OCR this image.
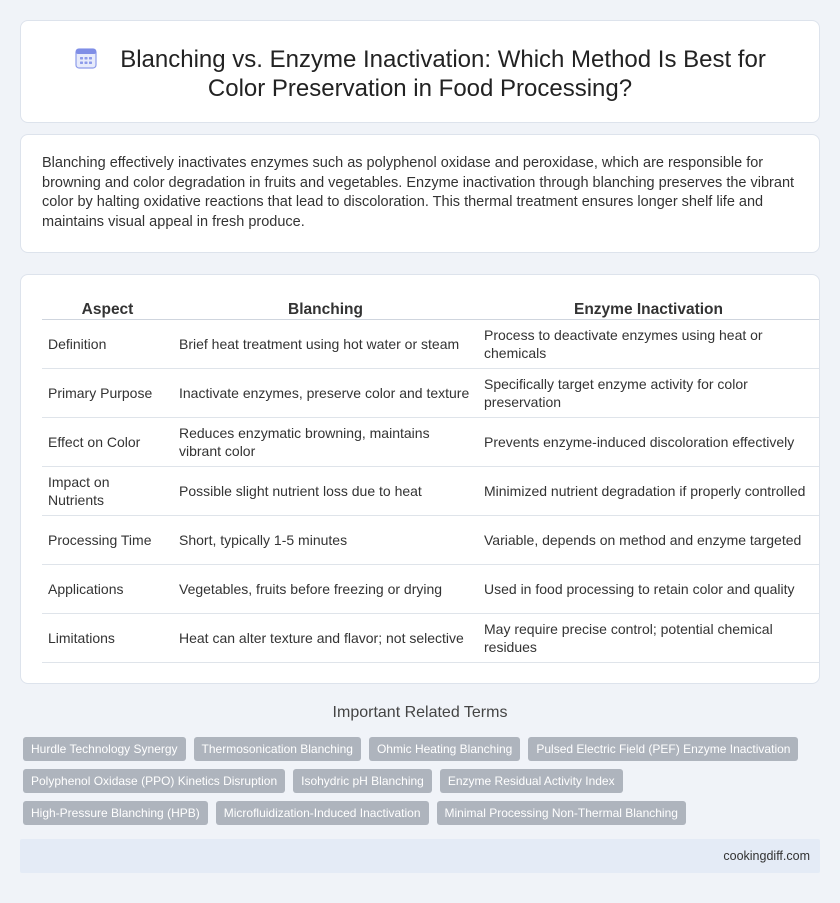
Blanching vs. Enzyme Inactivation: Which Method Is Best for Color Preservation in Food Processing?

Blanching effectively inactivates enzymes such as polyphenol oxidase and peroxidase, which are responsible for browning and color degradation in fruits and vegetables. Enzyme inactivation through blanching preserves the vibrant color by halting oxidative reactions that lead to discoloration. This thermal treatment ensures longer shelf life and maintains visual appeal in fresh produce.

Aspect	Blanching	Enzyme Inactivation
Definition	Brief heat treatment using hot water or steam	Process to deactivate enzymes using heat or chemicals
Primary Purpose	Inactivate enzymes, preserve color and texture	Specifically target enzyme activity for color preservation
Effect on Color	Reduces enzymatic browning, maintains vibrant color	Prevents enzyme-induced discoloration effectively
Impact on Nutrients	Possible slight nutrient loss due to heat	Minimized nutrient degradation if properly controlled
Processing Time	Short, typically 1-5 minutes	Variable, depends on method and enzyme targeted
Applications	Vegetables, fruits before freezing or drying	Used in food processing to retain color and quality
Limitations	Heat can alter texture and flavor; not selective	May require precise control; potential chemical residues
Important Related Terms
Hurdle Technology Synergy	Thermosonication Blanching	Ohmic Heating Blanching	Pulsed Electric Field (PEF) Enzyme Inactivation
Polyphenol Oxidase (PPO) Kinetics Disruption	Isohydric pH Blanching	Enzyme Residual Activity Index
High-Pressure Blanching (HPB)	Microfluidization-Induced Inactivation	Minimal Processing Non-Thermal Blanching
cookingdiff.com
